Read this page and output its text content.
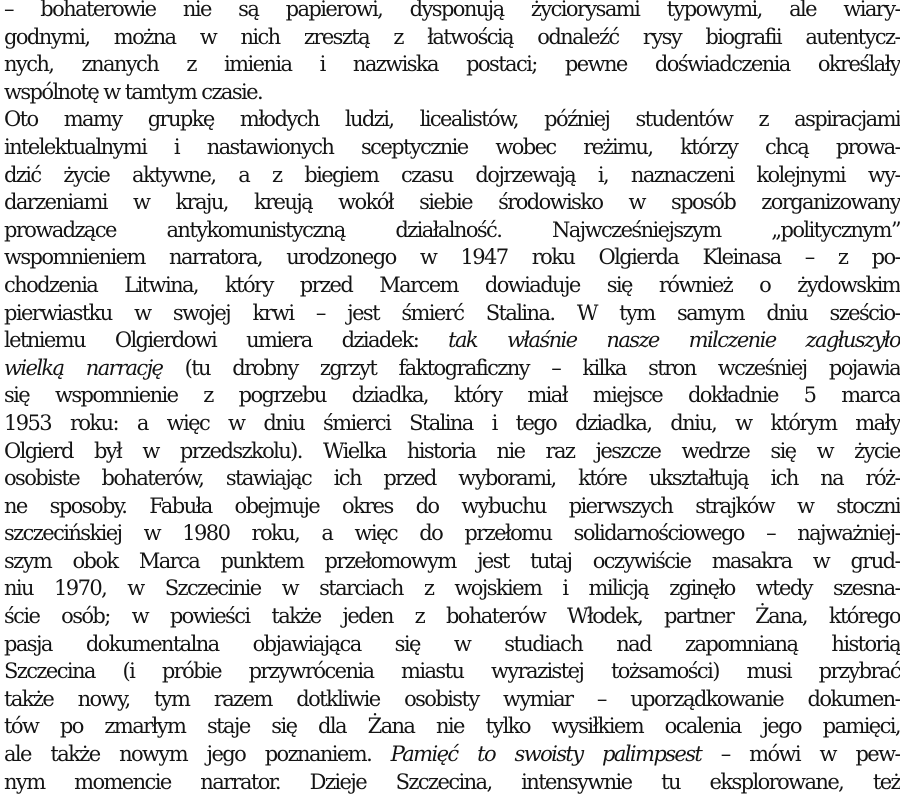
– bohaterowie nie są papierowi, dysponują życiorysami typowymi, ale wiary-
godnymi, można w nich zresztą z łatwością odnaleźć rysy biografii autentycz-
nych, znanych z imienia i nazwiska postaci; pewne doświadczenia określały
wspólnotę w tamtym czasie.
Oto mamy grupkę młodych ludzi, licealistów, później studentów z aspiracjami
intelektualnymi i nastawionych sceptycznie wobec reżimu, którzy chcą prowa-
dzić życie aktywne, a z biegiem czasu dojrzewają i, naznaczeni kolejnymi wy-
darzeniami w kraju, kreują wokół siebie środowisko w sposób zorganizowany
prowadzące antykomunistyczną działalność. Najwcześniejszym „politycznym”
wspomnieniem narratora, urodzonego w 1947 roku Olgierda Kleinasa – z po-
chodzenia Litwina, który przed Marcem dowiaduje się również o żydowskim
pierwiastku w swojej krwi – jest śmierć Stalina. W tym samym dniu sześcio-
letniemu Olgierdowi umiera dziadek: tak właśnie nasze milczenie zagłuszyło
wielką narrację (tu drobny zgrzyt faktograficzny – kilka stron wcześniej pojawia
się wspomnienie z pogrzebu dziadka, który miał miejsce dokładnie 5 marca
1953 roku: a więc w dniu śmierci Stalina i tego dziadka, dniu, w którym mały
Olgierd był w przedszkolu). Wielka historia nie raz jeszcze wedrze się w życie
osobiste bohaterów, stawiając ich przed wyborami, które ukształtują ich na róż-
ne sposoby. Fabuła obejmuje okres do wybuchu pierwszych strajków w stoczni
szczecińskiej w 1980 roku, a więc do przełomu solidarnościowego – najważniej-
szym obok Marca punktem przełomowym jest tutaj oczywiście masakra w grud-
niu 1970, w Szczecinie w starciach z wojskiem i milicją zginęło wtedy szesna-
ście osób; w powieści także jeden z bohaterów Włodek, partner Żana, którego
pasja dokumentalna objawiająca się w studiach nad zapomnianą historią
Szczecina (i próbie przywrócenia miastu wyrazistej tożsamości) musi przybrać
także nowy, tym razem dotkliwie osobisty wymiar – uporządkowanie dokumen-
tów po zmarłym staje się dla Żana nie tylko wysiłkiem ocalenia jego pamięci,
ale także nowym jego poznaniem. Pamięć to swoisty palimpsest – mówi w pew-
nym momencie narrator. Dzieje Szczecina, intensywnie tu eksplorowane, też
